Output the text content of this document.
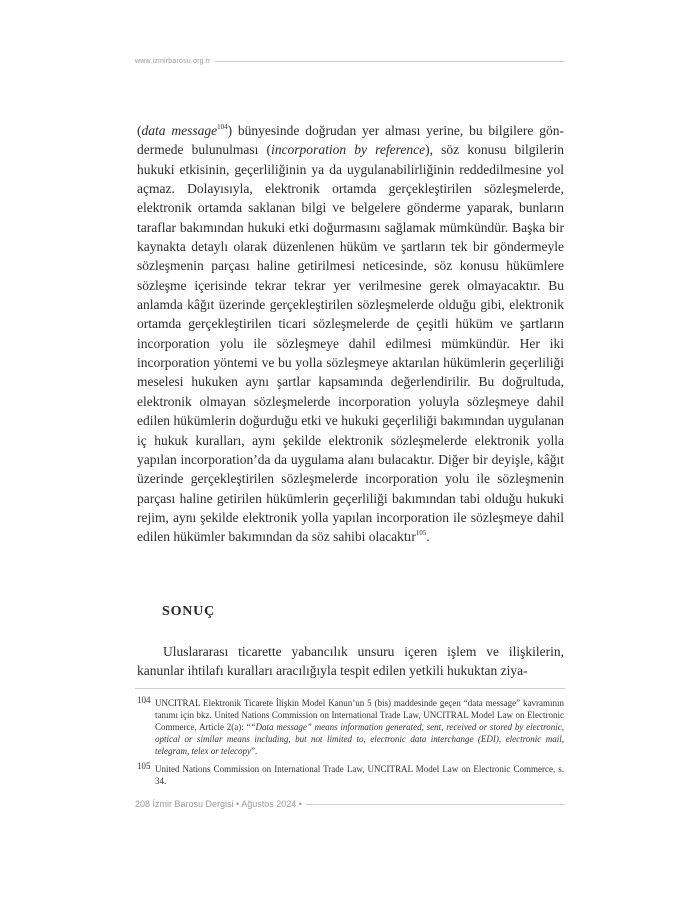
www.izmirbarosu.org.tr

(data message$^{104}$) bünyesinde doğrudan yer alması yerine, bu bilgilere göndermede bulunulması (incorporation by reference), söz konusu bilgilerin hukuki etkisinin, geçerliliğinin ya da uygulanabilirliğinin reddedilmesine yol açmaz. Dolayısıyla, elektronik ortamda gerçekleştirilen sözleşmelerde, elektronik ortamda saklanan bilgi ve belgelere gönderme yaparak, bunların taraflar bakımından hukuki etki doğurmasını sağlamak mümkündür. Başka bir kaynakta detaylı olarak düzenlenen hüküm ve şartların tek bir göndermeyle sözleşmenin parçası haline getirilmesi neticesinde, söz konusu hükümlere sözleşme içerisinde tekrar tekrar yer verilmesine gerek olmayacaktır. Bu anlamda kâğıt üzerinde gerçekleştirilen sözleşmelerde olduğu gibi, elektronik ortamda gerçekleştirilen ticari sözleşmelerde de çeşitli hüküm ve şartların incorporation yolu ile sözleşmeye dahil edilmesi mümkündür. Her iki incorporation yöntemi ve bu yolla sözleşmeye aktarılan hükümlerin geçerliliği meselesi hukuken aynı şartlar kapsamında değerlendirilir. Bu doğrultuda, elektronik olmayan sözleşmelerde incorporation yoluyla sözleşmeye dahil edilen hükümlerin doğurduğu etki ve hukuki geçerliliği bakımından uygulanan iç hukuk kuralları, aynı şekilde elektronik sözleşmelerde elektronik yolla yapılan incorporation’da da uygulama alanı bulacaktır. Diğer bir deyişle, kâğıt üzerinde gerçekleştirilen sözleşmelerde incorporation yolu ile sözleşmenin parçası haline getirilen hükümlerin geçerliliği bakımından tabi olduğu hukuki rejim, aynı şekilde elektronik yolla yapılan incorporation ile sözleşmeye dahil edilen hükümler bakımından da söz sahibi olacaktır$^{105}$.

SONUÇ
Uluslararası ticarette yabancılık unsuru içeren işlem ve ilişkilerin, kanunlar ihtilafı kuralları aracılığıyla tespit edilen yetkili hukuktan ziya-
104 UNCITRAL Elektronik Ticarete İlişkin Model Kanun’un 5 (bis) maddesinde geçen “data message” kavramının tanımı için bkz. United Nations Commission on International Trade Law, UNCITRAL Model Law on Electronic Commerce, Article 2(a): ““Data message” means information generated, sent, received or stored by electronic, optical or similar means including, but not limited to, electronic data interchange (EDI), electronic mail, telegram, telex or telecopy”.
105 United Nations Commission on International Trade Law, UNCITRAL Model Law on Electronic Commerce, s. 34.
208 İzmir Barosu Dergisi • Ağustos 2024 •
